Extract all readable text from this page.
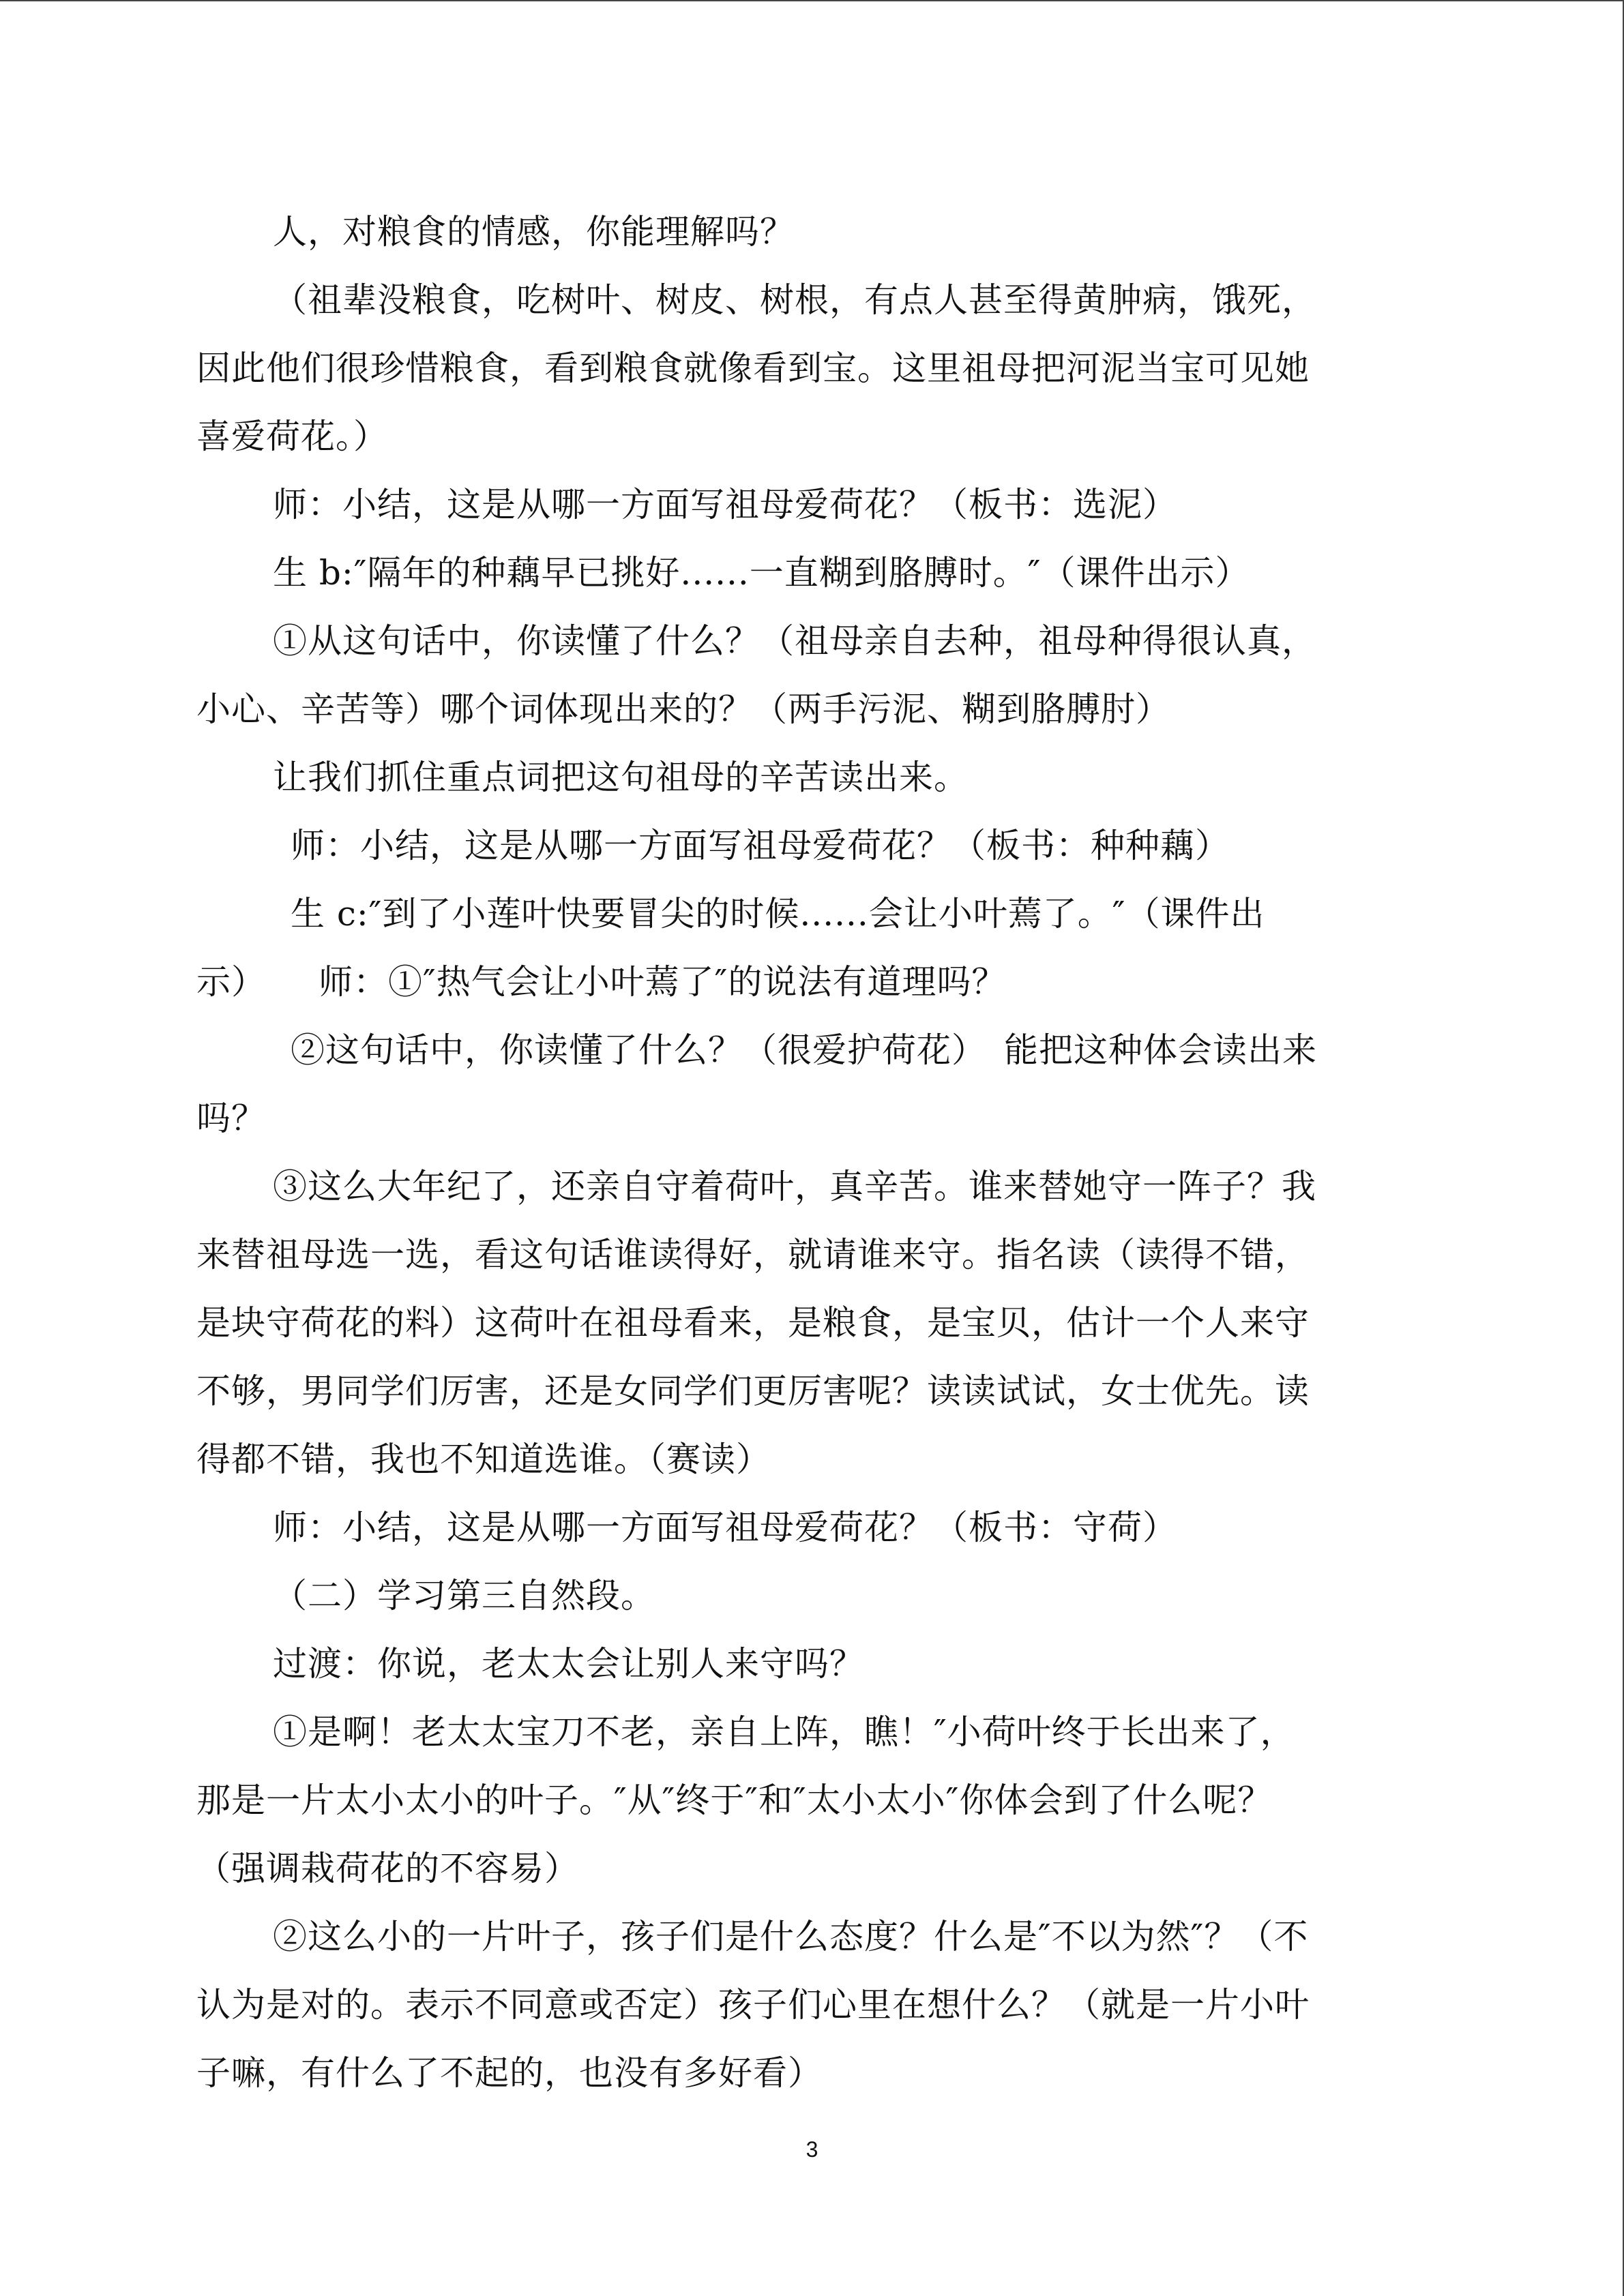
人，对粮食的情感，你能理解吗？
（祖辈没粮食，吃树叶、树皮、树根，有点人甚至得黄肿病，饿死，
因此他们很珍惜粮食，看到粮食就像看到宝。这里祖母把河泥当宝可见她
喜爱荷花。）
师：小结，这是从哪一方面写祖母爱荷花？（板书：选泥）
生 b:″隔年的种藕早已挑好......一直糊到胳膊时。″（课件出示）
①从这句话中，你读懂了什么？（祖母亲自去种，祖母种得很认真，
小心、辛苦等）哪个词体现出来的？（两手污泥、糊到胳膊肘）
让我们抓住重点词把这句祖母的辛苦读出来。
师：小结，这是从哪一方面写祖母爱荷花？（板书：种种藕）
生 c:″到了小莲叶快要冒尖的时候......会让小叶蔫了。″（课件出
示）　　师：①″热气会让小叶蔫了″的说法有道理吗？
②这句话中，你读懂了什么？（很爱护荷花）　能把这种体会读出来
吗？
③这么大年纪了，还亲自守着荷叶，真辛苦。谁来替她守一阵子？我
来替祖母选一选，看这句话谁读得好，就请谁来守。指名读（读得不错，
是块守荷花的料）这荷叶在祖母看来，是粮食，是宝贝，估计一个人来守
不够，男同学们厉害，还是女同学们更厉害呢？读读试试，女士优先。读
得都不错，我也不知道选谁。（赛读）
师：小结，这是从哪一方面写祖母爱荷花？（板书：守荷）
（二）学习第三自然段。
过渡：你说，老太太会让别人来守吗？
①是啊！老太太宝刀不老，亲自上阵，瞧！″小荷叶终于长出来了，
那是一片太小太小的叶子。″从″终于″和″太小太小″你体会到了什么呢？
（强调栽荷花的不容易）
②这么小的一片叶子，孩子们是什么态度？什么是″不以为然″？（不
认为是对的。表示不同意或否定）孩子们心里在想什么？（就是一片小叶
子嘛，有什么了不起的，也没有多好看）
3
